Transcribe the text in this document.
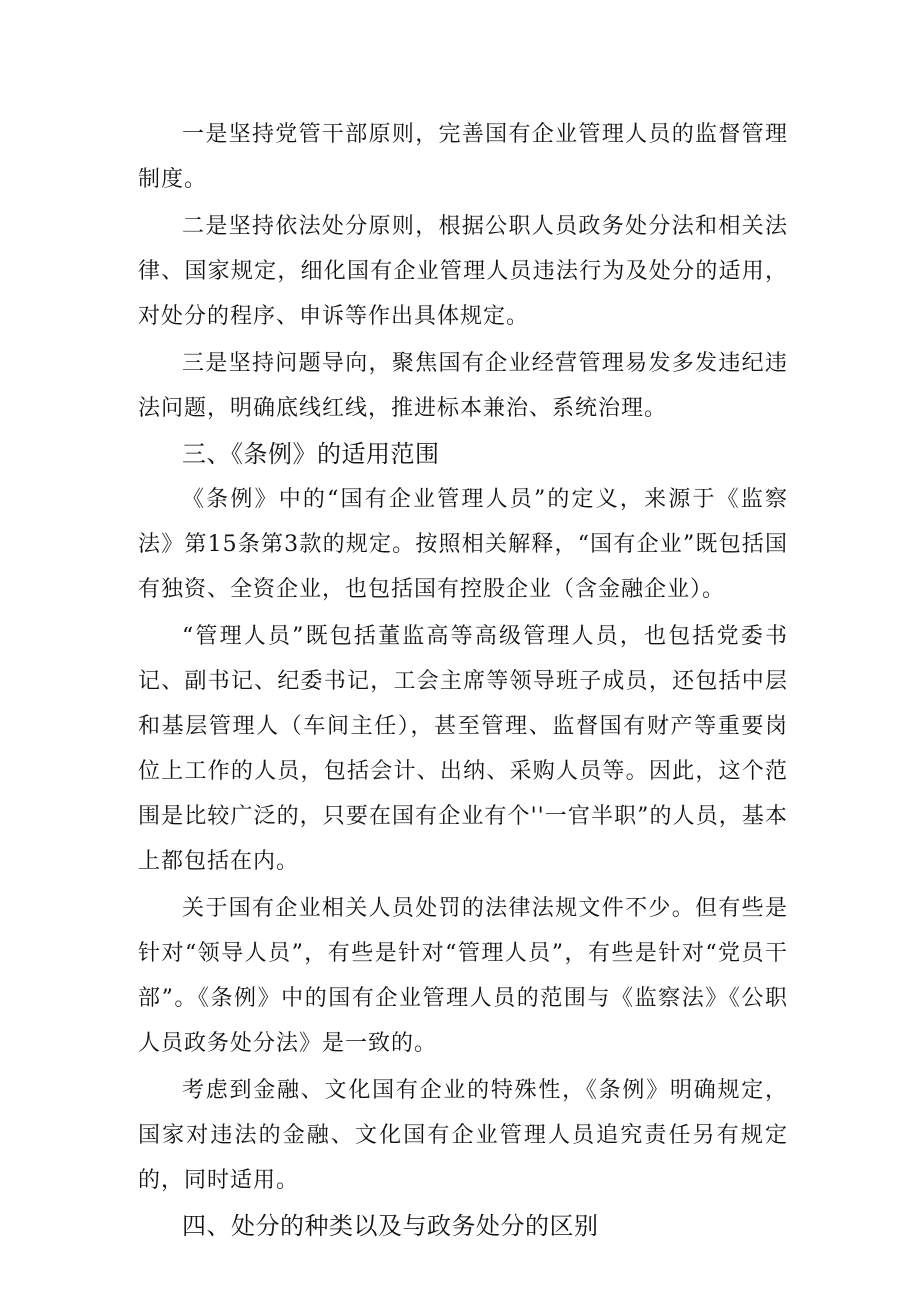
一是坚持党管干部原则，完善国有企业管理人员的监督管理制度。

二是坚持依法处分原则，根据公职人员政务处分法和相关法律、国家规定，细化国有企业管理人员违法行为及处分的适用，对处分的程序、申诉等作出具体规定。

三是坚持问题导向，聚焦国有企业经营管理易发多发违纪违法问题，明确底线红线，推进标本兼治、系统治理。

三、《条例》的适用范围

《条例》中的“国有企业管理人员”的定义，来源于《监察法》第15条第3款的规定。按照相关解释，“国有企业”既包括国有独资、全资企业，也包括国有控股企业（含金融企业）。

“管理人员”既包括董监高等高级管理人员，也包括党委书记、副书记、纪委书记，工会主席等领导班子成员，还包括中层和基层管理人（车间主任），甚至管理、监督国有财产等重要岗位上工作的人员，包括会计、出纳、采购人员等。因此，这个范围是比较广泛的，只要在国有企业有个''一官半职”的人员，基本上都包括在内。

关于国有企业相关人员处罚的法律法规文件不少。但有些是针对“领导人员”，有些是针对“管理人员”，有些是针对“党员干部”。《条例》中的国有企业管理人员的范围与《监察法》《公职人员政务处分法》是一致的。

考虑到金融、文化国有企业的特殊性，《条例》明确规定，国家对违法的金融、文化国有企业管理人员追究责任另有规定的，同时适用。

四、处分的种类以及与政务处分的区别
